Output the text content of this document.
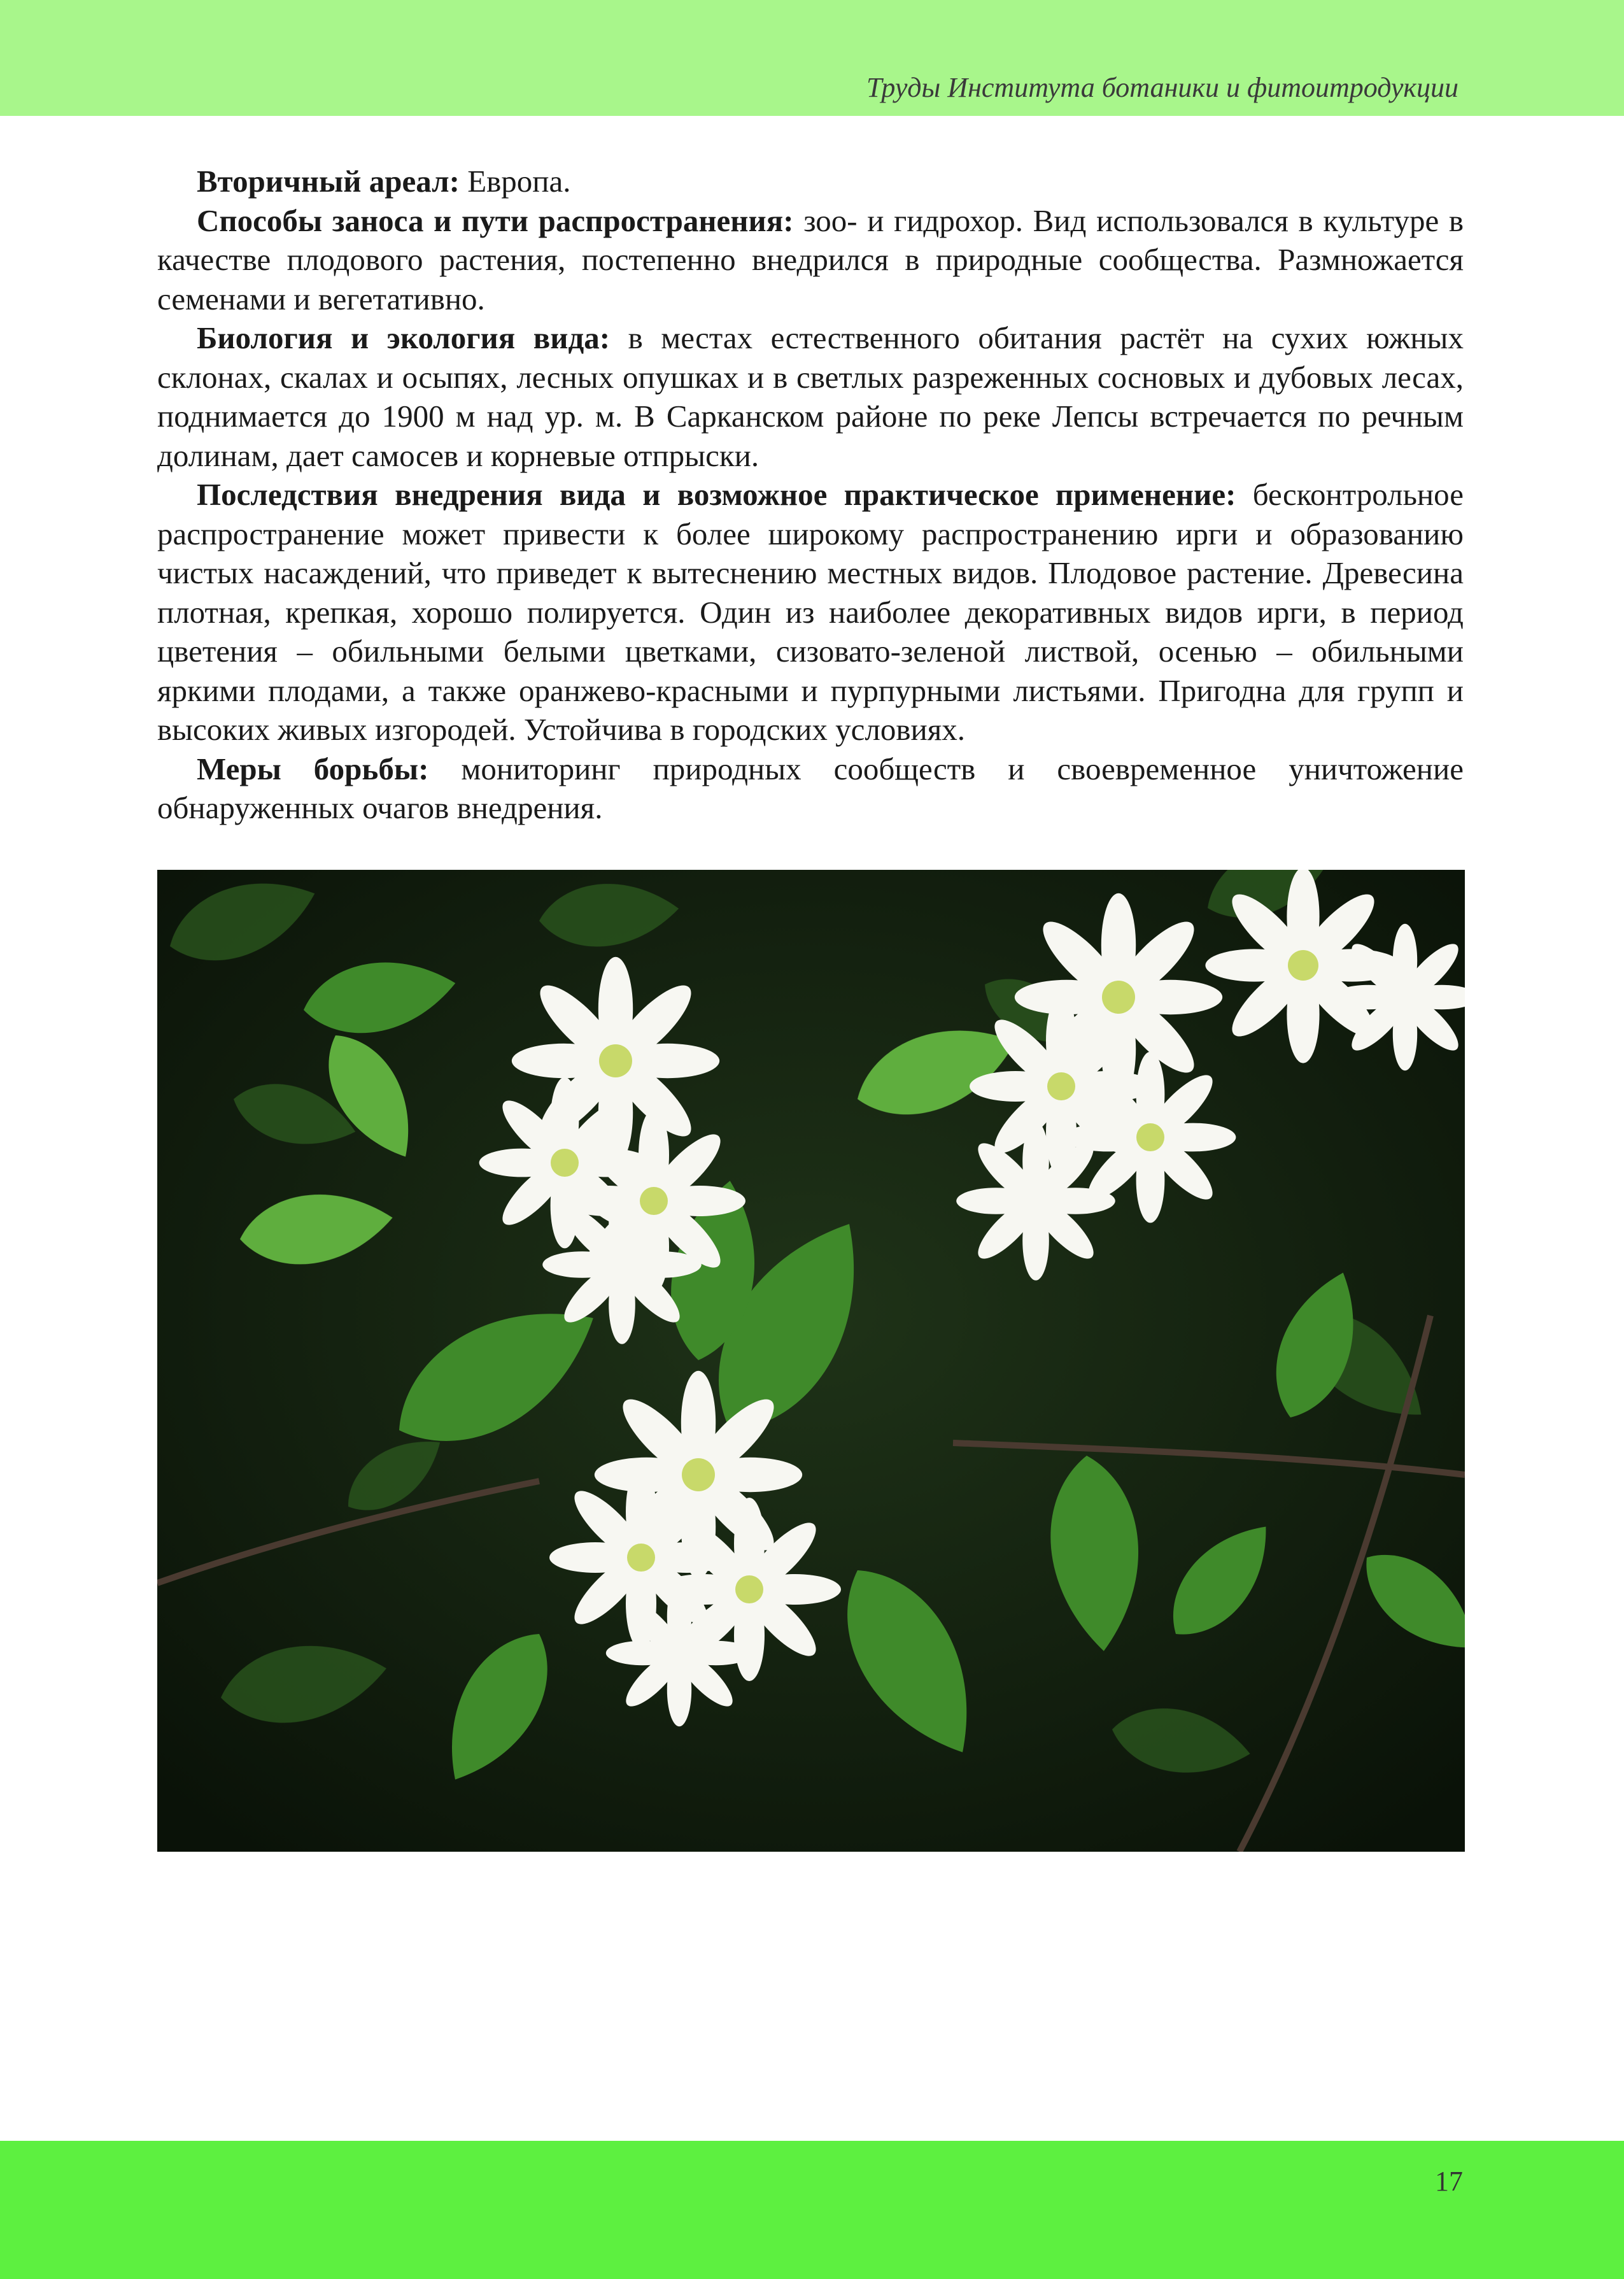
Труды Института ботаники и фитоитродукции

Вторичный ареал: Европа.

Способы заноса и пути распространения: зоо- и гидрохор. Вид использовался в культуре в качестве плодового растения, постепенно внедрился в природные сообщества. Размножается семенами и вегетативно.

Биология и экология вида: в местах естественного обитания растёт на сухих южных склонах, скалах и осыпях, лесных опушках и в светлых разреженных сосновых и дубовых лесах, поднимается до 1900 м над ур. м. В Сарканском районе по реке Лепсы встречается по речным долинам, дает самосев и корневые отпрыски.

Последствия внедрения вида и возможное практическое применение: бесконтрольное распространение может привести к более широкому распространению ирги и образованию чистых насаждений, что приведет к вытеснению местных видов. Плодовое растение. Древесина плотная, крепкая, хорошо полируется. Один из наиболее декоративных видов ирги, в период цветения – обильными белыми цветками, сизовато-зеленой листвой, осенью – обильными яркими плодами, а также оранжево-красными и пурпурными листьями. Пригодна для групп и высоких живых изгородей. Устойчива в городских условиях.

Меры борьбы: мониторинг природных сообществ и своевременное уничтожение обнаруженных очагов внедрения.

17
